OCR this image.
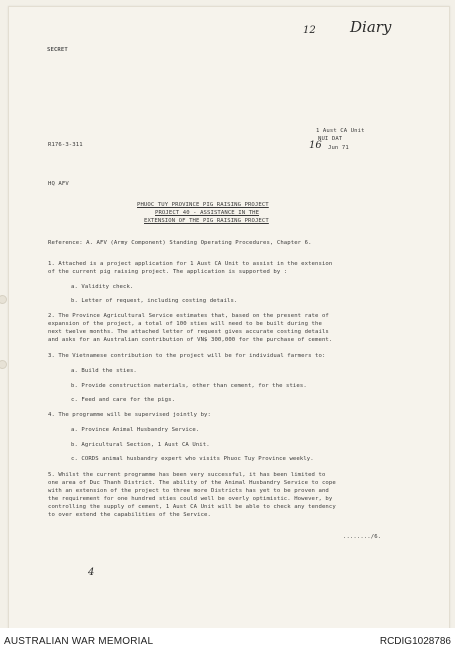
12 Diary
SECRET
1 Aust CA Unit
NUI DAT
16 Jun 71
R176-3-311
HQ AFV
PHUOC TUY PROVINCE PIG RAISING PROJECT
PROJECT 40 - ASSISTANCE IN THE
EXTENSION OF THE PIG RAISING PROJECT
Reference: A. AFV (Army Component) Standing Operating Procedures, Chapter 6.
1. Attached is a project application for 1 Aust CA Unit to assist in the extension
of the current pig raising project. The application is supported by :
a. Validity check.
b. Letter of request, including costing details.
2. The Province Agricultural Service estimates that, based on the present rate of
expansion of the project, a total of 100 sties will need to be built during the
next twelve months. The attached letter of request gives accurate costing details
and asks for an Australian contribution of VN$ 300,000 for the purchase of cement.
3. The Vietnamese contribution to the project will be for individual farmers to:
a. Build the sties.
b. Provide construction materials, other than cement, for the sties.
c. Feed and care for the pigs.
4. The programme will be supervised jointly by:
a. Province Animal Husbandry Service.
b. Agricultural Section, 1 Aust CA Unit.
c. CORDS animal husbandry expert who visits Phuoc Tuy Province weekly.
5. Whilst the current programme has been very successful, it has been limited to
one area of Duc Thanh District. The ability of the Animal Husbandry Service to cope
with an extension of the project to three more Districts has yet to be proven and
the requirement for one hundred sties could well be overly optimistic. However, by
controlling the supply of cement, 1 Aust CA Unit will be able to check any tendency
to over extend the capabilities of the Service.
......../6.
4
AUSTRALIAN WAR MEMORIAL	RCDIG1028786
